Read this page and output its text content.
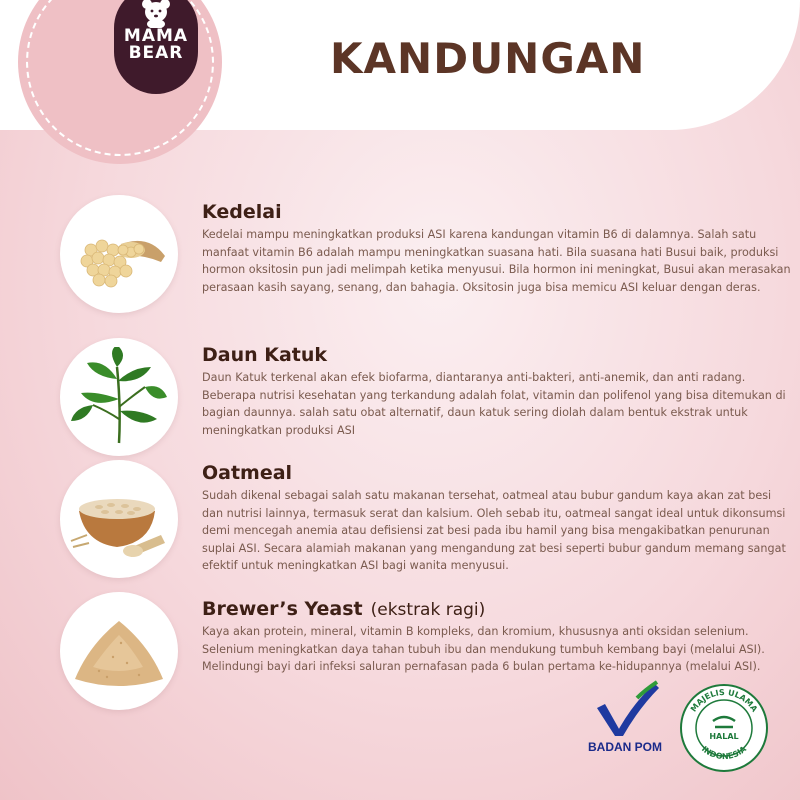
MAMA
BEAR	KANDUNGAN
Kedelai
Kedelai mampu meningkatkan produksi ASI karena kandungan vitamin B6 di dalamnya. Salah satu manfaat vitamin B6 adalah mampu meningkatkan suasana hati. Bila suasana hati Busui baik, produksi hormon oksitosin pun jadi melimpah ketika menyusui. Bila hormon ini meningkat, Busui akan merasakan perasaan kasih sayang, senang, dan bahagia. Oksitosin juga bisa memicu ASI keluar dengan deras.
Daun Katuk
Daun Katuk terkenal akan efek biofarma, diantaranya anti-bakteri, anti-anemik, dan anti radang. Beberapa nutrisi kesehatan yang terkandung adalah folat, vitamin dan polifenol yang bisa ditemukan di bagian daunnya. salah satu obat alternatif, daun katuk sering diolah dalam bentuk ekstrak untuk meningkatkan produksi ASI
Oatmeal
Sudah dikenal sebagai salah satu makanan tersehat, oatmeal atau bubur gandum kaya akan zat besi dan nutrisi lainnya, termasuk serat dan kalsium. Oleh sebab itu, oatmeal sangat ideal untuk dikonsumsi demi mencegah anemia atau defisiensi zat besi pada ibu hamil yang bisa mengakibatkan penurunan suplai ASI. Secara alamiah makanan yang mengandung zat besi seperti bubur gandum memang sangat efektif untuk meningkatkan ASI bagi wanita menyusui.
Brewer’s Yeast (ekstrak ragi)
Kaya akan protein, mineral, vitamin B kompleks, dan kromium, khususnya anti oksidan selenium. Selenium meningkatkan daya tahan tubuh ibu dan mendukung tumbuh kembang bayi (melalui ASI). Melindungi bayi dari infeksi saluran pernafasan pada 6 bulan pertama ke-hidupannya (melalui ASI).
BADAN POM
MAJELIS ULAMA
INDONESIA
HALAL
